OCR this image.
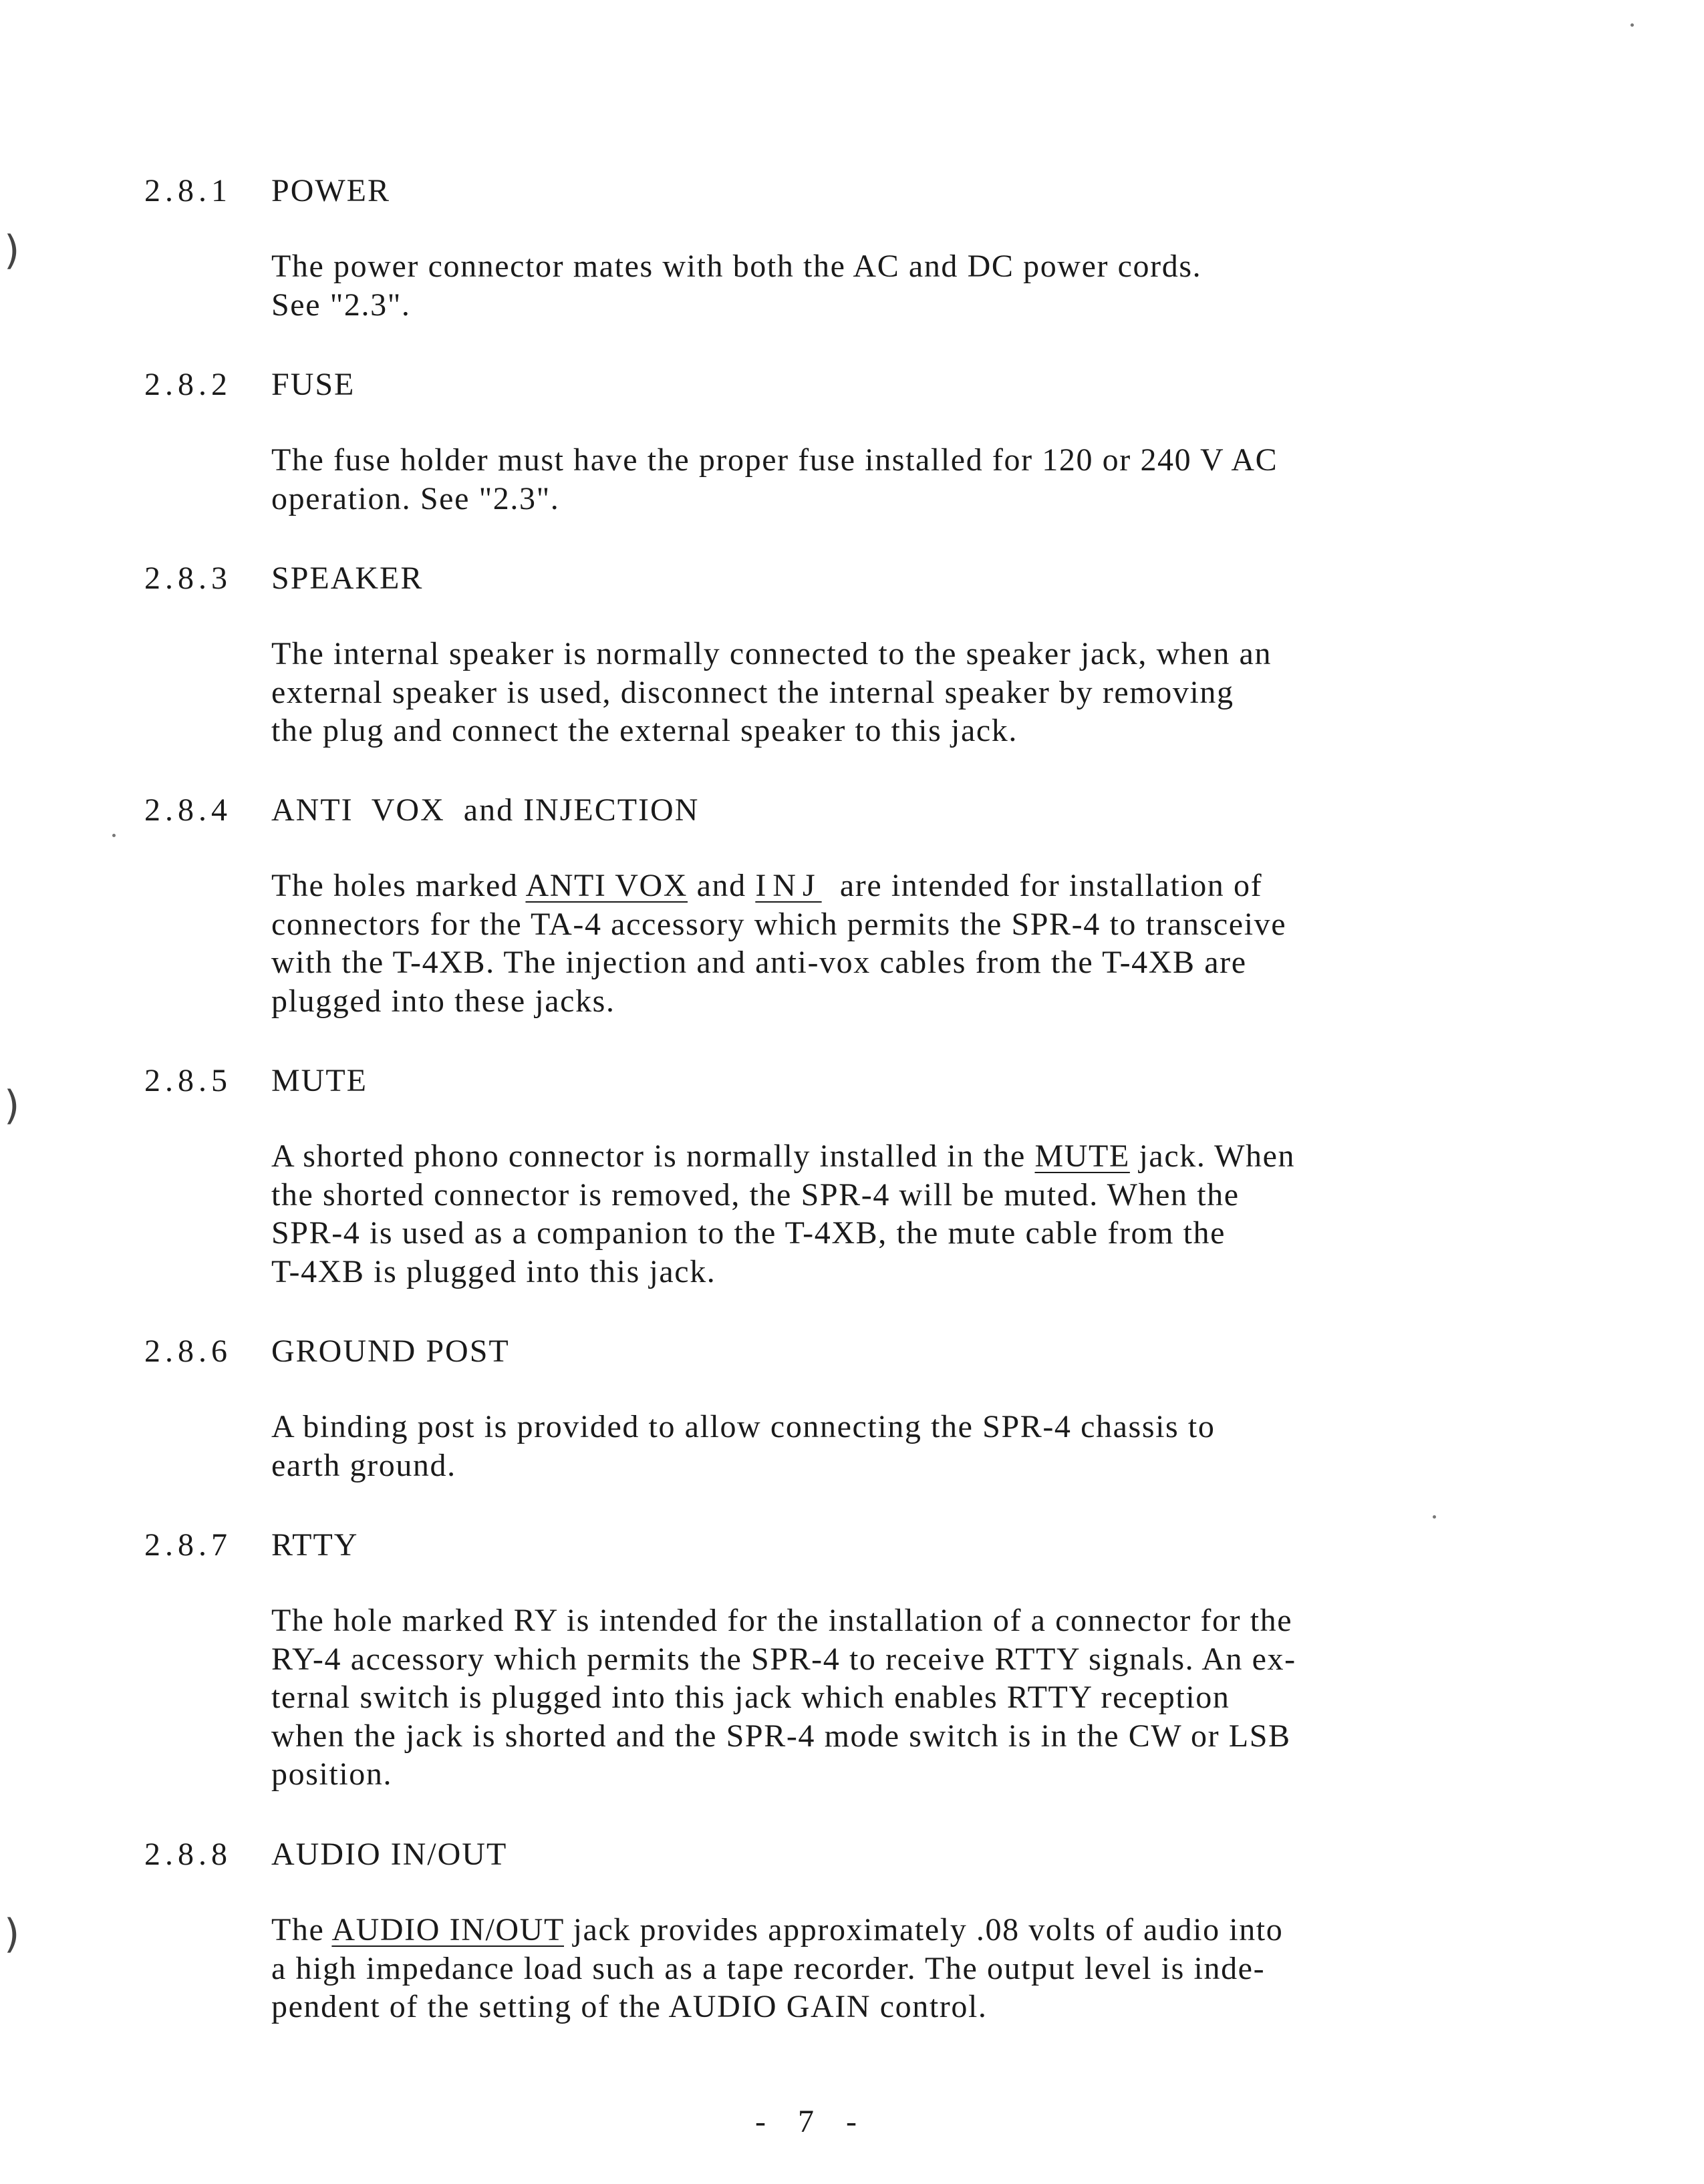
)
)
)
2.8.1 POWER

The power connector mates with both the AC and DC power cords.

See "2.3".

2.8.2 FUSE

The fuse holder must have the proper fuse installed for 120 or 240 V AC

operation. See "2.3".

2.8.3 SPEAKER

The internal speaker is normally connected to the speaker jack, when an

external speaker is used, disconnect the internal speaker by removing

the plug and connect the external speaker to this jack.

2.8.4 ANTI  VOX  and INJECTION

The holes marked ANTI VOX and INJ  are intended for installation of

connectors for the TA-4 accessory which permits the SPR-4 to transceive

with the T-4XB. The injection and anti-vox cables from the T-4XB are

plugged into these jacks.

2.8.5 MUTE

A shorted phono connector is normally installed in the MUTE jack. When

the shorted connector is removed, the SPR-4 will be muted. When the

SPR-4 is used as a companion to the T-4XB, the mute cable from the

T-4XB is plugged into this jack.

2.8.6 GROUND POST

A binding post is provided to allow connecting the SPR-4 chassis to

earth ground.

2.8.7 RTTY

The hole marked RY is intended for the installation of a connector for the

RY-4 accessory which permits the SPR-4 to receive RTTY signals. An ex-

ternal switch is plugged into this jack which enables RTTY reception

when the jack is shorted and the SPR-4 mode switch is in the CW or LSB

position.

2.8.8 AUDIO IN/OUT

The AUDIO IN/OUT jack provides approximately .08 volts of audio into

a high impedance load such as a tape recorder. The output level is inde-

pendent of the setting of the AUDIO GAIN control.

- 7 -
